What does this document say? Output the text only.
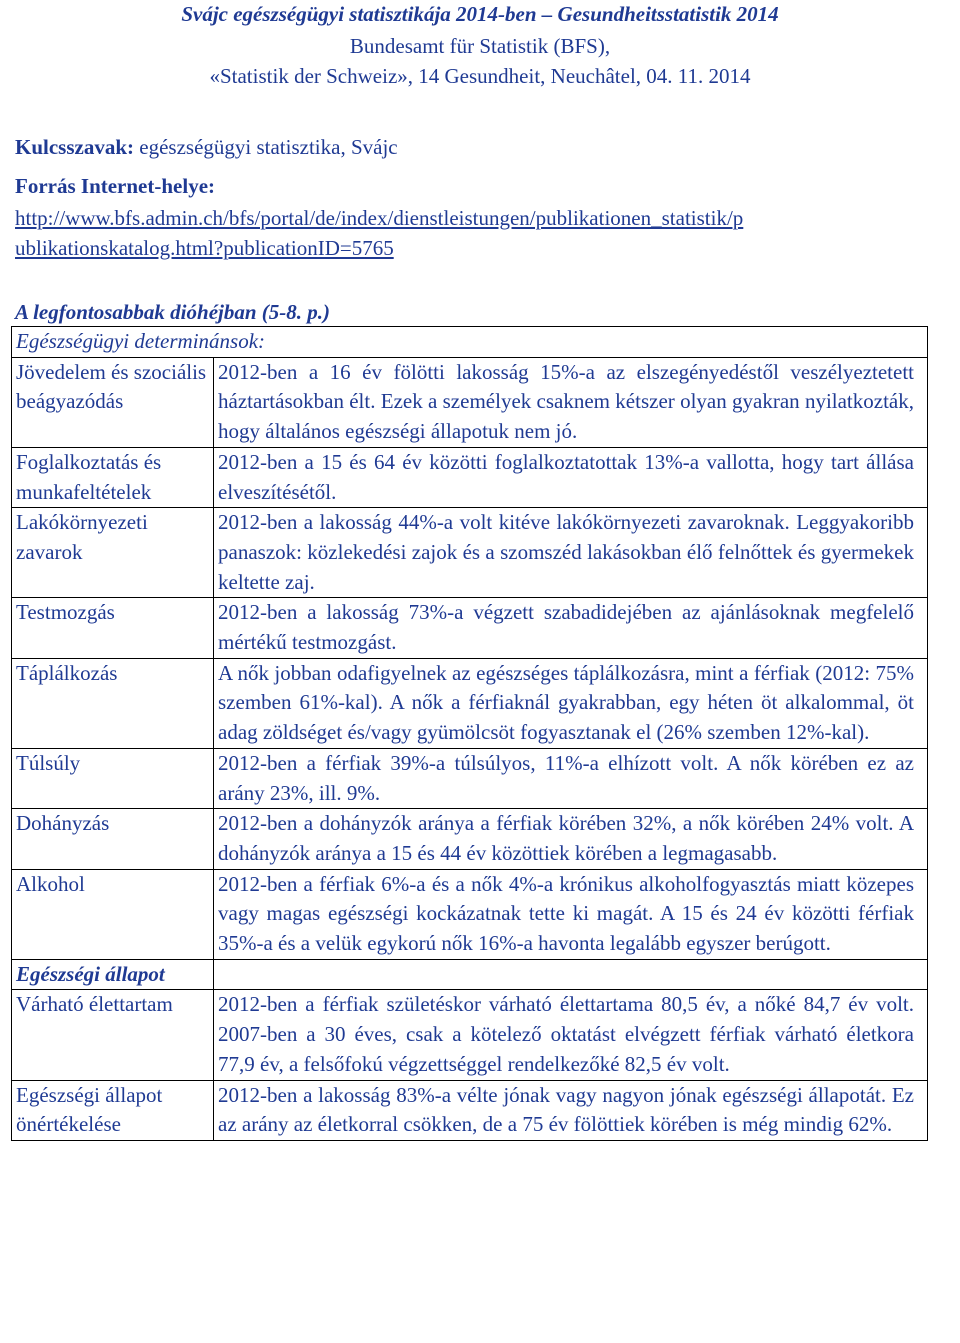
Svájc egészségügyi statisztikája 2014-ben – Gesundheitsstatistik 2014
Bundesamt für Statistik (BFS),
«Statistik der Schweiz», 14 Gesundheit, Neuchâtel, 04. 11. 2014
Kulcsszavak: egészségügyi statisztika, Svájc
Forrás Internet-helye:
http://www.bfs.admin.ch/bfs/portal/de/index/dienstleistungen/publikationen_statistik/p
ublikationskatalog.html?publicationID=5765
A legfontosabbak dióhéjban (5-8. p.)
Egészségügyi determinánsok:	
Jövedelem és szociális beágyazódás	2012-ben a 16 év fölötti lakosság 15%-a az elszegényedéstől veszélyeztetett háztartásokban élt. Ezek a személyek csaknem kétszer olyan gyakran nyilatkozták, hogy általános egészségi állapotuk nem jó.
Foglalkoztatás és munkafeltételek	2012-ben a 15 és 64 év közötti foglalkoztatottak 13%-a vallotta, hogy tart állása elveszítésétől.
Lakókörnyezeti zavarok	2012-ben a lakosság 44%-a volt kitéve lakókörnyezeti zavaroknak. Leggyakoribb panaszok: közlekedési zajok és a szomszéd lakásokban élő felnőttek és gyermekek keltette zaj.
Testmozgás	2012-ben a lakosság 73%-a végzett szabadidejében az ajánlásoknak megfelelő mértékű testmozgást.
Táplálkozás	A nők jobban odafigyelnek az egészséges táplálkozásra, mint a férfiak (2012: 75% szemben 61%-kal). A nők a férfiaknál gyakrabban, egy héten öt alkalommal, öt adag zöldséget és/vagy gyümölcsöt fogyasztanak el (26% szemben 12%-kal).
Túlsúly	2012-ben a férfiak 39%-a túlsúlyos, 11%-a elhízott volt. A nők körében ez az arány 23%, ill. 9%.
Dohányzás	2012-ben a dohányzók aránya a férfiak körében 32%, a nők körében 24% volt. A dohányzók aránya a 15 és 44 év közöttiek körében a legmagasabb.
Alkohol	2012-ben a férfiak 6%-a és a nők 4%-a krónikus alkoholfogyasztás miatt közepes vagy magas egészségi kockázatnak tette ki magát. A 15 és 24 év közötti férfiak 35%-a és a velük egykorú nők 16%-a havonta legalább egyszer berúgott.
Egészségi állapot	
Várható élettartam	2012-ben a férfiak születéskor várható élettartama 80,5 év, a nőké 84,7 év volt. 2007-ben a 30 éves, csak a kötelező oktatást elvégzett férfiak várható életkora 77,9 év, a felsőfokú végzettséggel rendelkezőké 82,5 év volt.
Egészségi állapot önértékelése	2012-ben a lakosság 83%-a vélte jónak vagy nagyon jónak egészségi állapotát. Ez az arány az életkorral csökken, de a 75 év fölöttiek körében is még mindig 62%.
